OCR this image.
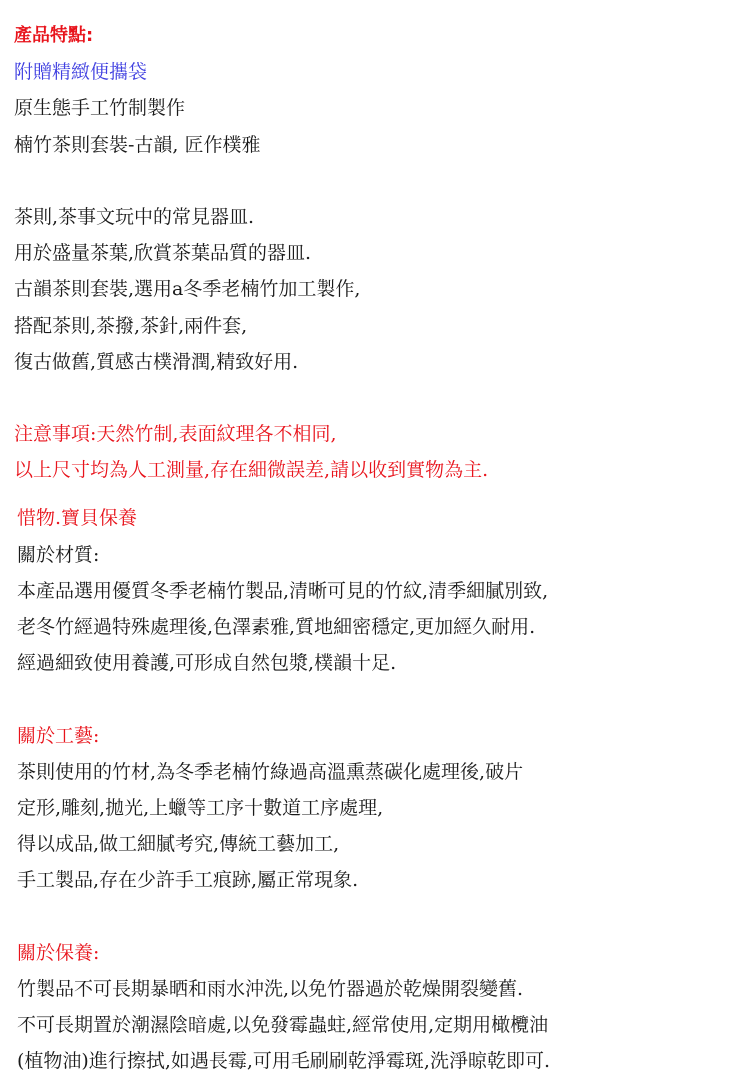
產品特點:
附贈精緻便攜袋
原生態手工竹制製作
楠竹茶則套裝-古韻, 匠作樸雅
茶則,茶事文玩中的常見器皿.
用於盛量茶葉,欣賞茶葉品質的器皿.
古韻茶則套裝,選用a冬季老楠竹加工製作,
搭配茶則,茶撥,茶針,兩件套,
復古做舊,質感古樸滑潤,精致好用.
注意事項:天然竹制,表面紋理各不相同,
以上尺寸均為人工測量,存在細微誤差,請以收到實物為主.
惜物.寶貝保養
關於材質:
本產品選用優質冬季老楠竹製品,清晰可見的竹紋,清季細膩別致,
老冬竹經過特殊處理後,色澤素雅,質地細密穩定,更加經久耐用.
經過細致使用養護,可形成自然包漿,樸韻十足.
關於工藝:
茶則使用的竹材,為冬季老楠竹綠過高溫熏蒸碳化處理後,破片
定形,雕刻,拋光,上蠟等工序十數道工序處理,
得以成品,做工細膩考究,傳統工藝加工,
手工製品,存在少許手工痕跡,屬正常現象.
關於保養:
竹製品不可長期暴晒和雨水沖洗,以免竹器過於乾燥開裂變舊.
不可長期置於潮濕陰暗處,以免發霉蟲蛀,經常使用,定期用橄欖油
(植物油)進行擦拭,如遇長霉,可用毛刷刷乾淨霉斑,洗淨晾乾即可.
